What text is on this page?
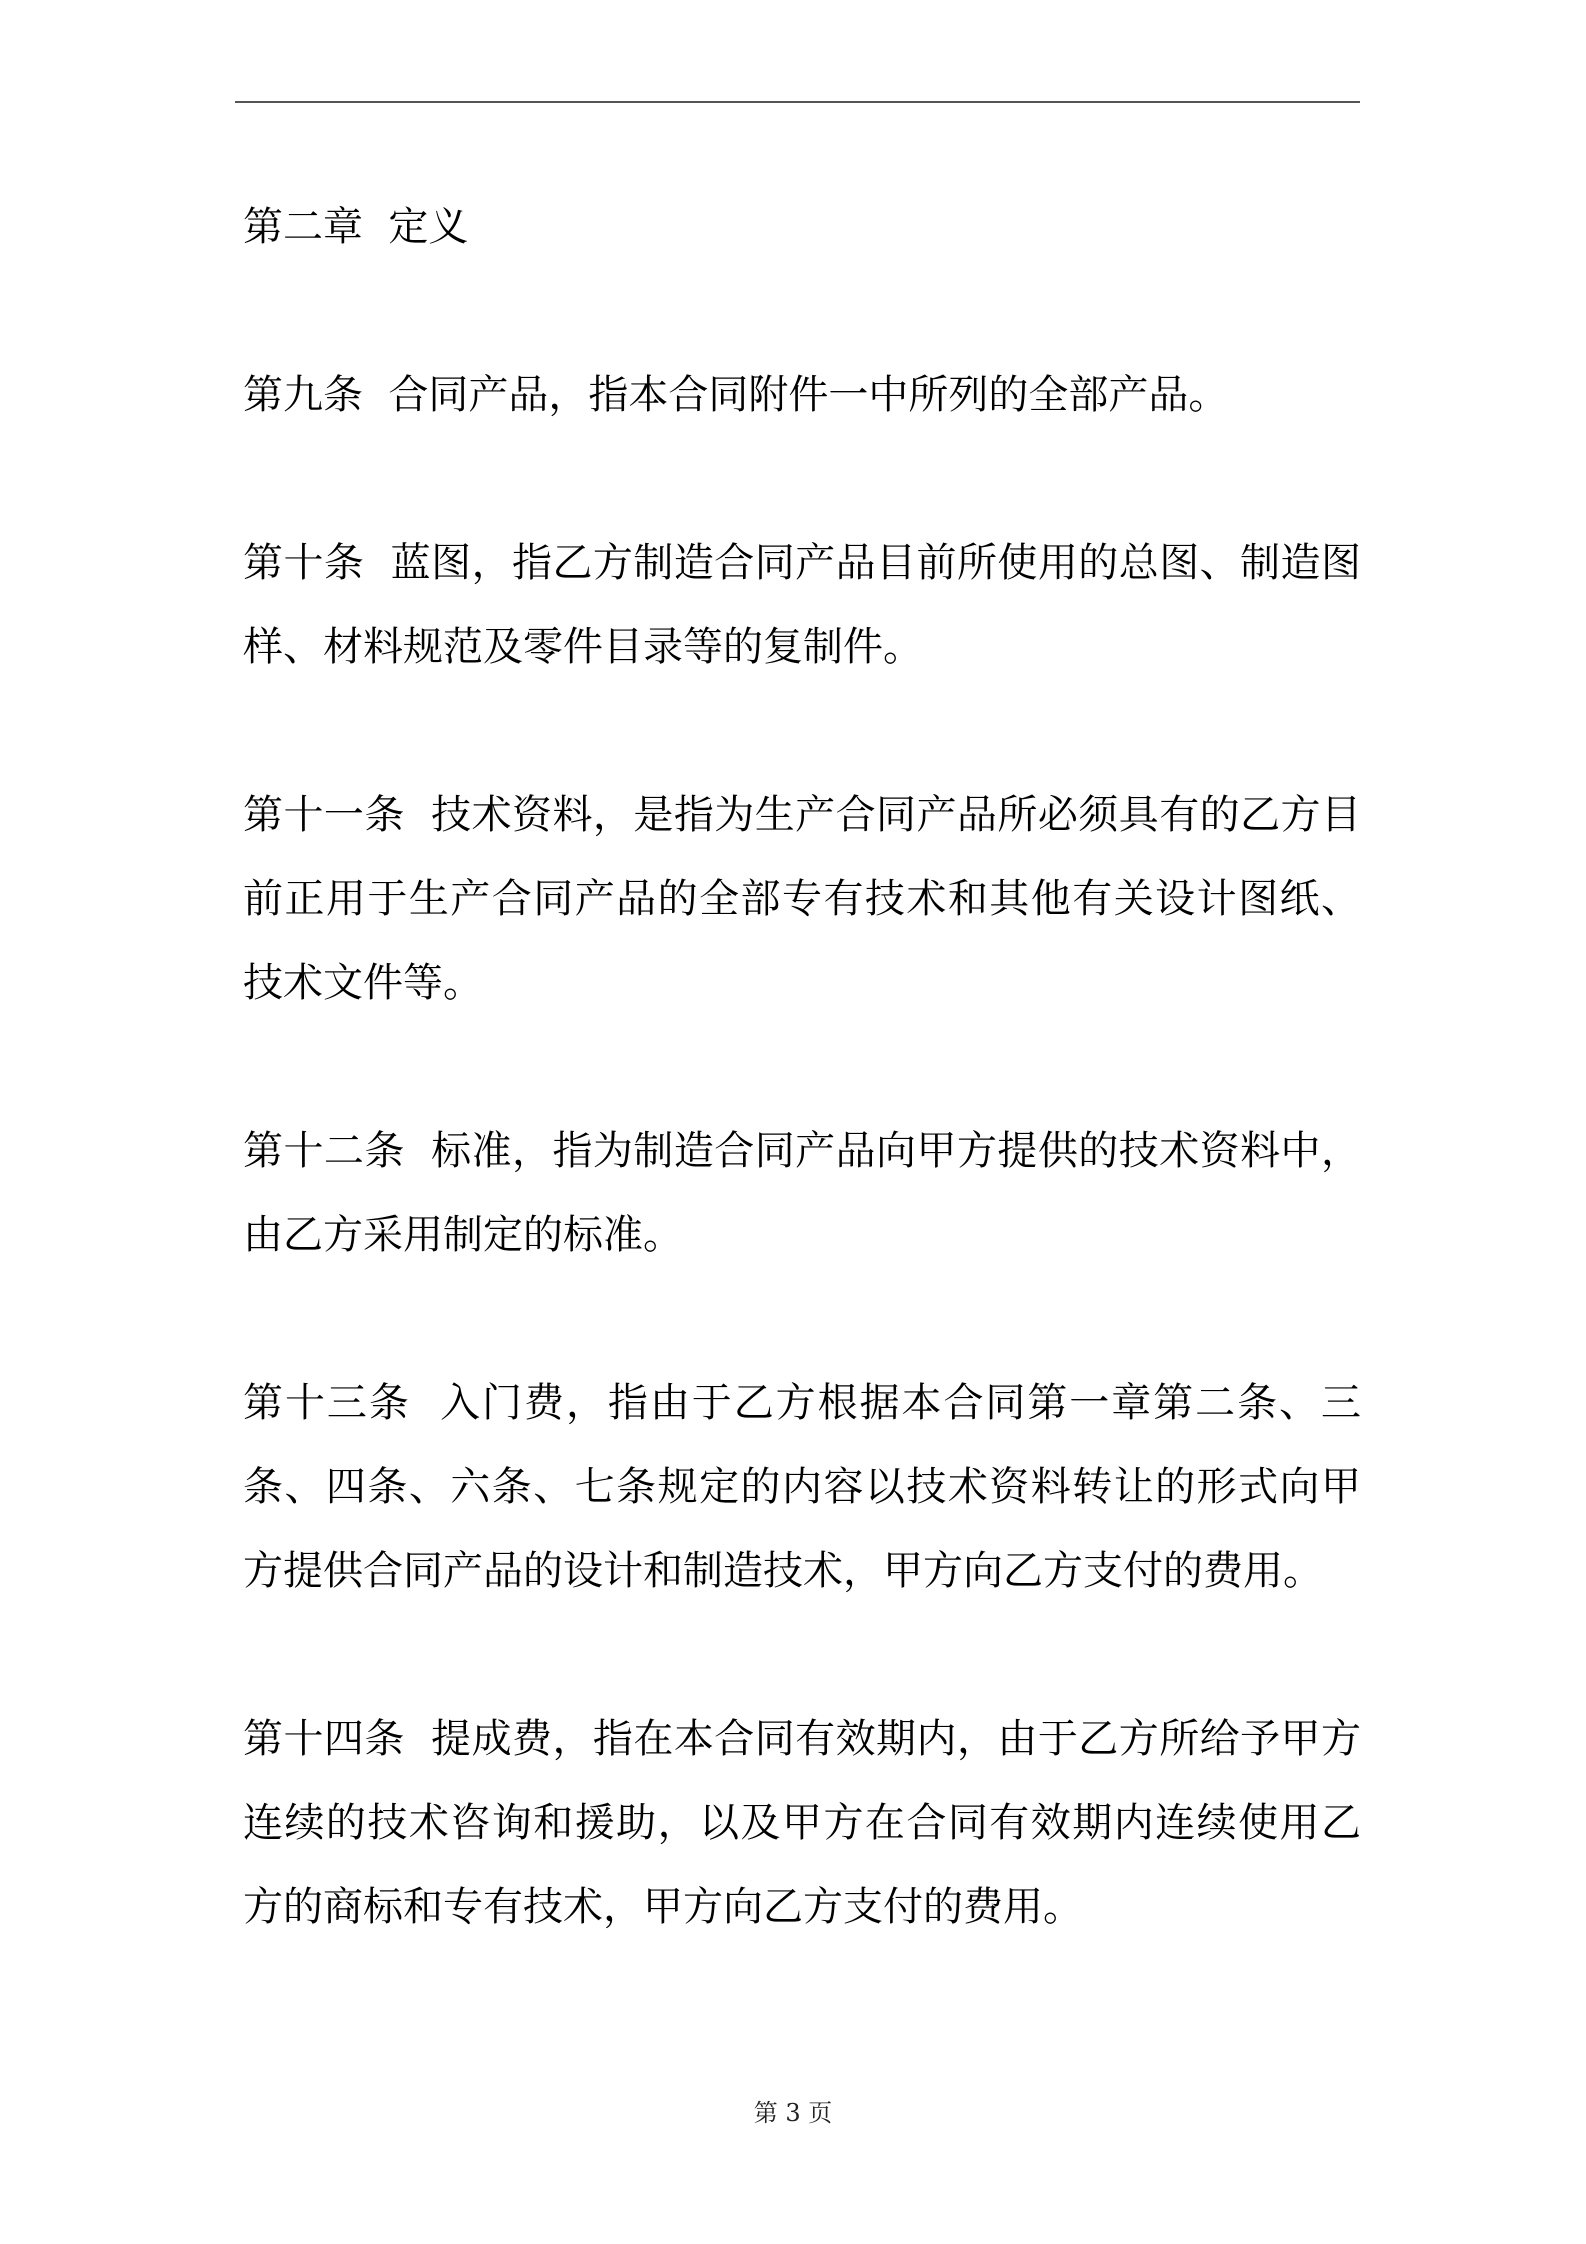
第二章  定义

第九条  合同产品，指本合同附件一中所列的全部产品。

第十条  蓝图，指乙方制造合同产品目前所使用的总图、制造图样、材料规范及零件目录等的复制件。

第十一条  技术资料，是指为生产合同产品所必须具有的乙方目前正用于生产合同产品的全部专有技术和其他有关设计图纸、技术文件等。

第十二条  标准，指为制造合同产品向甲方提供的技术资料中，由乙方采用制定的标准。

第十三条  入门费，指由于乙方根据本合同第一章第二条、三条、四条、六条、七条规定的内容以技术资料转让的形式向甲方提供合同产品的设计和制造技术，甲方向乙方支付的费用。

第十四条  提成费，指在本合同有效期内，由于乙方所给予甲方连续的技术咨询和援助，以及甲方在合同有效期内连续使用乙方的商标和专有技术，甲方向乙方支付的费用。

第 3 页
